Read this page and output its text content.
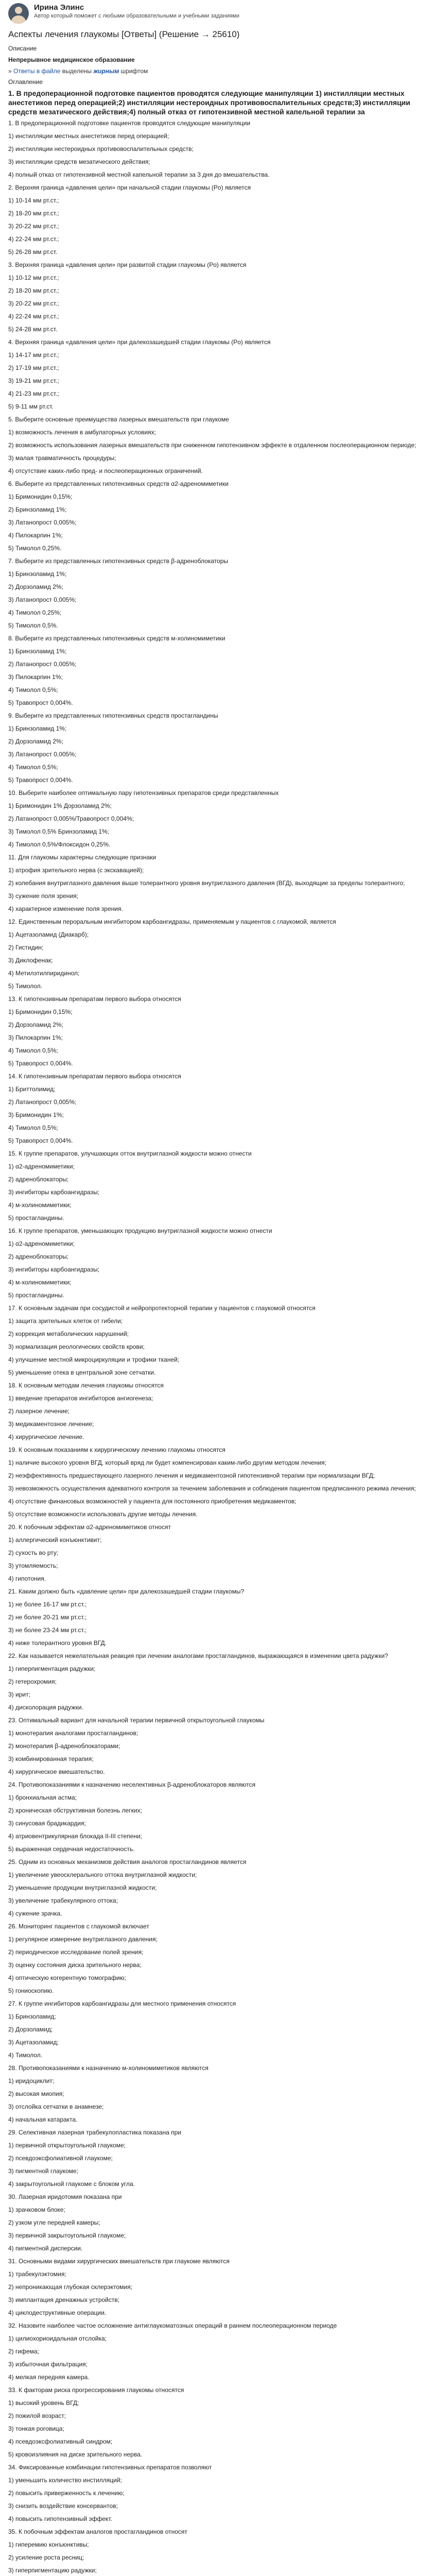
Ирина Элинс

Автор который поможет с любыми образовательными и учебными заданиями

Аспекты лечения глаукомы [Ответы] (Решение → 25610)

Описание

Непрерывное медицинское образование

» Ответы в файле выделены жирным шрифтом

Оглавление

1. В предоперационной подготовке пациентов проводятся следующие манипуляции 1) инстилляции местных анестетиков перед операцией;2) инстилляции нестероидных противовоспалительных средств;3) инстилляции средств мезатического действия;4) полный отказ от гипотензивной местной капельной терапии за

1. В предоперационной подготовке пациентов проводятся следующие манипуляции

1) инстилляции местных анестетиков перед операцией;

2) инстилляции нестероидных противовоспалительных средств;

3) инстилляции средств мезатического действия;

4) полный отказ от гипотензивной местной капельной терапии за 3 дня до вмешательства.

2. Верхняя граница «давления цели» при начальной стадии глаукомы (Po) является

1) 10-14 мм рт.ст.;

2) 18-20 мм рт.ст.;

3) 20-22 мм рт.ст.;

4) 22-24 мм рт.ст.;

5) 26-28 мм рт.ст.

3. Верхняя граница «давления цели» при развитой стадии глаукомы (Po) является

1) 10-12 мм рт.ст.;

2) 18-20 мм рт.ст.;

3) 20-22 мм рт.ст.;

4) 22-24 мм рт.ст.;

5) 24-28 мм рт.ст.

4. Верхняя граница «давления цели» при далекозашедшей стадии глаукомы (Po) является

1) 14-17 мм рт.ст.;

2) 17-19 мм рт.ст.;

3) 19-21 мм рт.ст.;

4) 21-23 мм рт.ст.;

5) 9-11 мм рт.ст.

5. Выберите основные преимущества лазерных вмешательств при глаукоме

1) возможность лечения в амбулаторных условиях;

2) возможность использования лазерных вмешательств при сниженном гипотензивном эффекте в отдаленном послеоперационном периоде;

3) малая травматичность процедуры;

4) отсутствие каких-либо пред- и послеоперационных ограничений.

6. Выберите из представленных гипотензивных средств α2-адреномиметики

1) Бримонидин 0,15%;

2) Бринзоламид 1%;

3) Латанопрост 0,005%;

4) Пилокарпин 1%;

5) Тимолол 0,25%.

7. Выберите из представленных гипотензивных средств β-адреноблокаторы

1) Бринзоламид 1%;

2) Дорзоламид 2%;

3) Латанопрост 0,005%;

4) Тимолол 0,25%;

5) Тимолол 0,5%.

8. Выберите из представленных гипотензивных средств м-холиномиметики

1) Бринзоламид 1%;

2) Латанопрост 0,005%;

3) Пилокарпин 1%;

4) Тимолол 0,5%;

5) Травопрост 0,004%.

9. Выберите из представленных гипотензивных средств простагландины

1) Бринзоламид 1%;

2) Дорзоламид 2%;

3) Латанопрост 0,005%;

4) Тимолол 0,5%;

5) Травопрост 0,004%.

10. Выберите наиболее оптимальную пару гипотензивных препаратов среди представленных

1) Бримонидин 1% Дорзоламид 2%;

2) Латанопрост 0,005%/Травопрост 0,004%;

3) Тимолол 0,5% Бринзоламид 1%;

4) Тимолол 0,5%/Флоксидон 0,25%.

11. Для глаукомы характерны следующие признаки

1) атрофия зрительного нерва (с экскавацией);

2) колебания внутриглазного давления выше толерантного уровня внутриглазного давления (ВГД), выходящие за пределы толерантного;

3) сужение поля зрения;

4) характерное изменение поля зрения.

12. Единственным пероральным ингибитором карбоангидразы, применяемым у пациентов с глаукомой, является

1) Ацетазоламид (Диакарб);

2) Гистидин;

3) Диклофенак;

4) Метилэтилпиридинол;

5) Тимолол.

13. К гипотензивным препаратам первого выбора относятся

1) Бримонидин 0,15%;

2) Дорзоламид 2%;

3) Пилокарпин 1%;

4) Тимолол 0,5%;

5) Травопрост 0,004%.

14. К гипотензивным препаратам первого выбора относятся

1) Бриттолимид;

2) Латанопрост 0,005%;

3) Бримонидин 1%;

4) Тимолол 0,5%;

5) Травопрост 0,004%.

15. К группе препаратов, улучшающих отток внутриглазной жидкости можно отнести

1) α2-адреномиметики;

2) адреноблокаторы;

3) ингибиторы карбоангидразы;

4) м-холиномиметики;

5) простагландины.

16. К группе препаратов, уменьшающих продукцию внутриглазной жидкости можно отнести

1) α2-адреномиметики;

2) адреноблокаторы;

3) ингибиторы карбоангидразы;

4) м-холиномиметики;

5) простагландины.

17. К основным задачам при сосудистой и нейропротекторной терапии у пациентов с глаукомой относятся

1) защита зрительных клеток от гибели;

2) коррекция метаболических нарушений;

3) нормализация реологических свойств крови;

4) улучшение местной микроциркуляции и трофики тканей;

5) уменьшение отека в центральной зоне сетчатки.

18. К основным методам лечения глаукомы относятся

1) введение препаратов ингибиторов ангиогенеза;

2) лазерное лечение;

3) медикаментозное лечение;

4) хирургическое лечение.

19. К основным показаниям к хирургическому лечению глаукомы относятся

1) наличие высокого уровня ВГД, который вряд ли будет компенсирован каким-либо другим методом лечения;

2) неэффективность предшествующего лазерного лечения и медикаментозной гипотензивной терапии при нормализации ВГД;

3) невозможность осуществления адекватного контроля за течением заболевания и соблюдения пациентом предписанного режима лечения;

4) отсутствие финансовых возможностей у пациента для постоянного приобретения медикаментов;

5) отсутствие возможности использовать другие методы лечения.

20. К побочным эффектам α2-адреномиметиков относят

1) аллергический конъюнктивит;

2) сухость во рту;

3) утомляемость;

4) гипотония.

21. Каким должно быть «давление цели» при далекозашедшей стадии глаукомы?

1) не более 16-17 мм рт.ст.;

2) не более 20-21 мм рт.ст.;

3) не более 23-24 мм рт.ст.;

4) ниже толерантного уровня ВГД.

22. Как называется нежелательная реакция при лечении аналогами простагландинов, выражающаяся в изменении цвета радужки?

1) гиперпигментация радужки;

2) гетерохромия;

3) ирит;

4) дисколорация радужки.

23. Оптимальный вариант для начальной терапии первичной открытоугольной глаукомы

1) монотерапия аналогами простагландинов;

2) монотерапия β-адреноблокаторами;

3) комбинированная терапия;

4) хирургическое вмешательство.

24. Противопоказаниями к назначению неселективных β-адреноблокаторов являются

1) бронхиальная астма;

2) хроническая обструктивная болезнь легких;

3) синусовая брадикардия;

4) атриовентрикулярная блокада II-III степени;

5) выраженная сердечная недостаточность.

25. Одним из основных механизмов действия аналогов простагландинов является

1) увеличение увеосклерального оттока внутриглазной жидкости;

2) уменьшение продукции внутриглазной жидкости;

3) увеличение трабекулярного оттока;

4) сужение зрачка.

26. Мониторинг пациентов с глаукомой включает

1) регулярное измерение внутриглазного давления;

2) периодическое исследование полей зрения;

3) оценку состояния диска зрительного нерва;

4) оптическую когерентную томографию;

5) гониоскопию.

27. К группе ингибиторов карбоангидразы для местного применения относятся

1) Бринзоламид;

2) Дорзоламид;

3) Ацетазоламид;

4) Тимолол.

28. Противопоказаниями к назначению м-холиномиметиков являются

1) иридоциклит;

2) высокая миопия;

3) отслойка сетчатки в анамнезе;

4) начальная катаракта.

29. Селективная лазерная трабекулопластика показана при

1) первичной открытоугольной глаукоме;

2) псевдоэксфолиативной глаукоме;

3) пигментной глаукоме;

4) закрытоугольной глаукоме с блоком угла.

30. Лазерная иридотомия показана при

1) зрачковом блоке;

2) узком угле передней камеры;

3) первичной закрытоугольной глаукоме;

4) пигментной дисперсии.

31. Основными видами хирургических вмешательств при глаукоме являются

1) трабекулэктомия;

2) непроникающая глубокая склерэктомия;

3) имплантация дренажных устройств;

4) циклодеструктивные операции.

32. Назовите наиболее частое осложнение антиглаукоматозных операций в раннем послеоперационном периоде

1) цилиохориоидальная отслойка;

2) гифема;

3) избыточная фильтрация;

4) мелкая передняя камера.

33. К факторам риска прогрессирования глаукомы относятся

1) высокий уровень ВГД;

2) пожилой возраст;

3) тонкая роговица;

4) псевдоэксфолиативный синдром;

5) кровоизлияния на диске зрительного нерва.

34. Фиксированные комбинации гипотензивных препаратов позволяют

1) уменьшить количество инстилляций;

2) повысить приверженность к лечению;

3) снизить воздействие консервантов;

4) повысить гипотензивный эффект.

35. К побочным эффектам аналогов простагландинов относят

1) гиперемию конъюнктивы;

2) усиление роста ресниц;

3) гиперпигментацию радужки;
